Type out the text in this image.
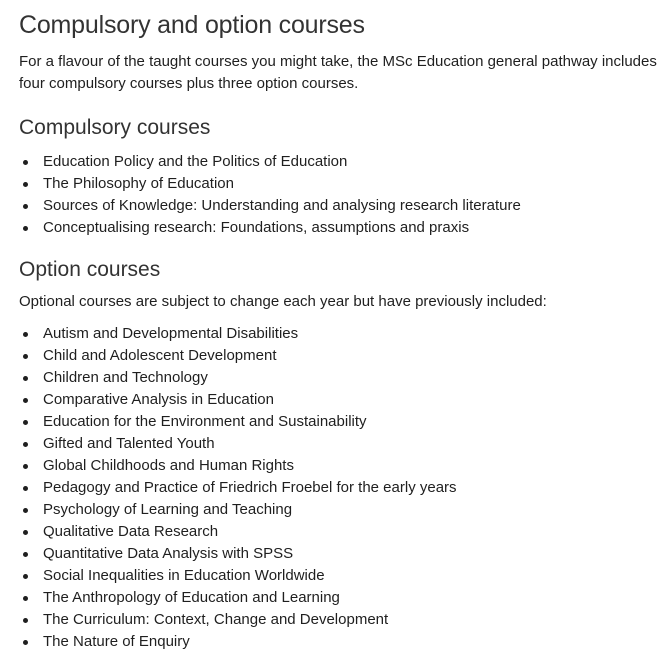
Compulsory and option courses

For a flavour of the taught courses you might take, the MSc Education general pathway includes four compulsory courses plus three option courses.

Compulsory courses
Education Policy and the Politics of Education
The Philosophy of Education
Sources of Knowledge: Understanding and analysing research literature
Conceptualising research: Foundations, assumptions and praxis
Option courses

Optional courses are subject to change each year but have previously included:

Autism and Developmental Disabilities
Child and Adolescent Development
Children and Technology
Comparative Analysis in Education
Education for the Environment and Sustainability
Gifted and Talented Youth
Global Childhoods and Human Rights
Pedagogy and Practice of Friedrich Froebel for the early years
Psychology of Learning and Teaching
Qualitative Data Research
Quantitative Data Analysis with SPSS
Social Inequalities in Education Worldwide
The Anthropology of Education and Learning
The Curriculum: Context, Change and Development
The Nature of Enquiry
